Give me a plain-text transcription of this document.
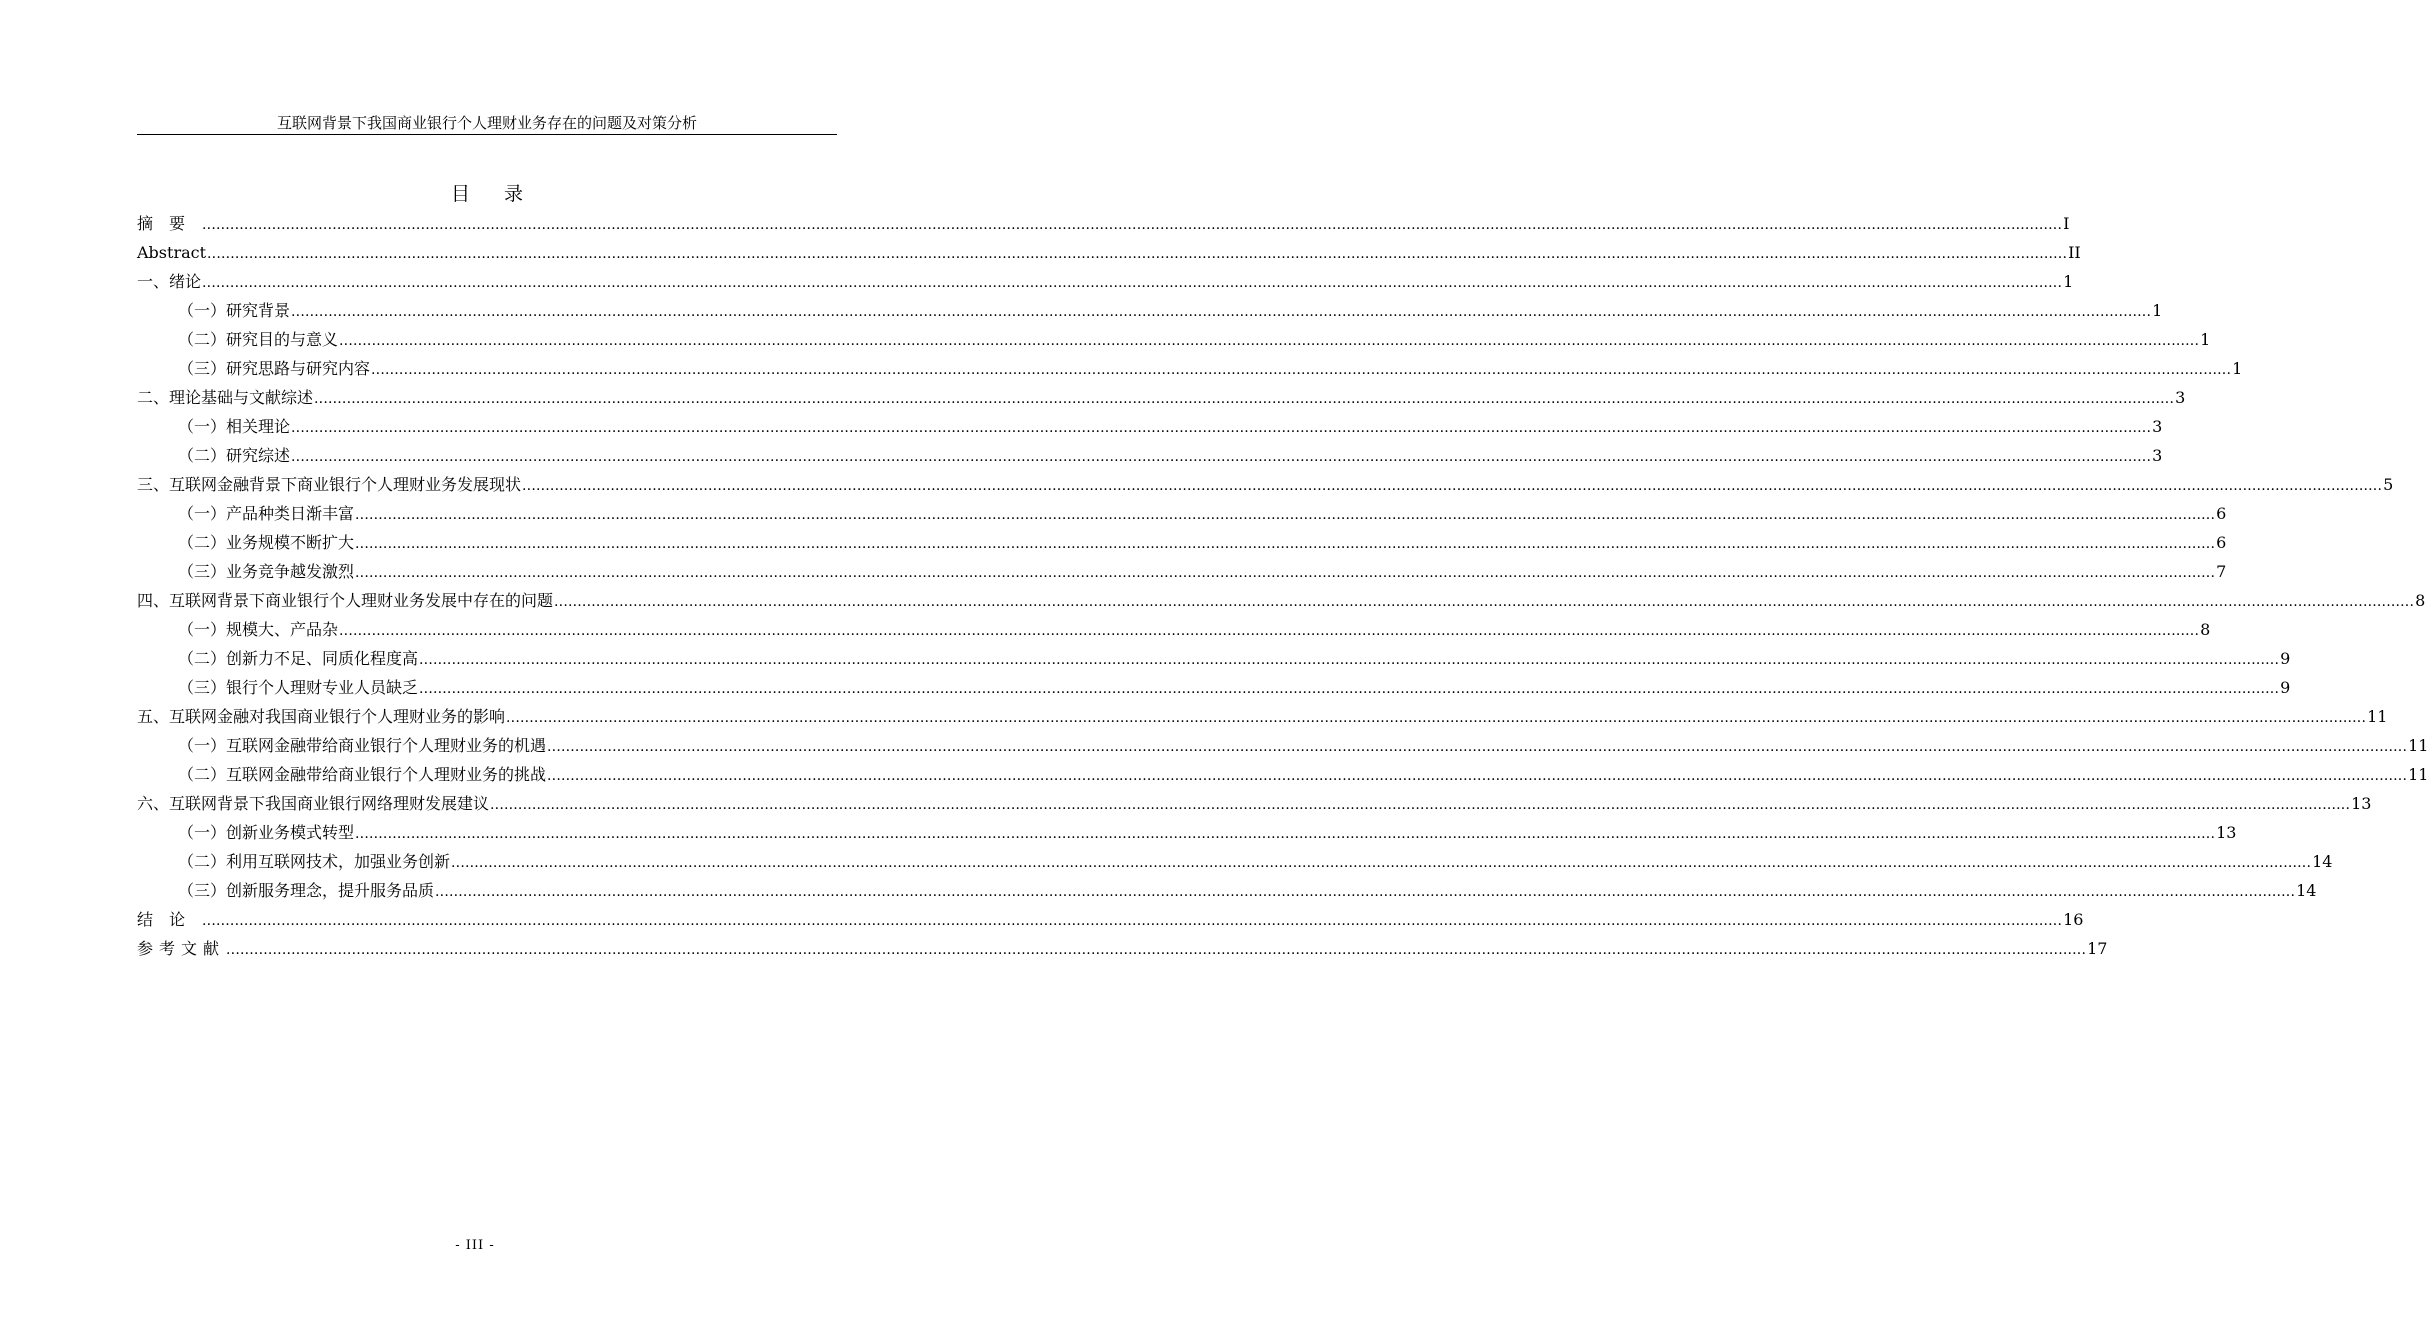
互联网背景下我国商业银行个人理财业务存在的问题及对策分析
目录
摘要 ................................................................................................................................................................................................................................................................................................................................................................................................................ I
Abstract ................................................................................................................................................................................................................................................................................................................................................................................................................ II
一、绪论 ................................................................................................................................................................................................................................................................................................................................................................................................................ 1
（一）研究背景 ................................................................................................................................................................................................................................................................................................................................................................................................................ 1
（二）研究目的与意义 ................................................................................................................................................................................................................................................................................................................................................................................................................ 1
（三）研究思路与研究内容 ................................................................................................................................................................................................................................................................................................................................................................................................................ 1
二、理论基础与文献综述 ................................................................................................................................................................................................................................................................................................................................................................................................................ 3
（一）相关理论 ................................................................................................................................................................................................................................................................................................................................................................................................................ 3
（二）研究综述 ................................................................................................................................................................................................................................................................................................................................................................................................................ 3
三、互联网金融背景下商业银行个人理财业务发展现状 ................................................................................................................................................................................................................................................................................................................................................................................................................ 5
（一）产品种类日渐丰富 ................................................................................................................................................................................................................................................................................................................................................................................................................ 6
（二）业务规模不断扩大 ................................................................................................................................................................................................................................................................................................................................................................................................................ 6
（三）业务竞争越发激烈 ................................................................................................................................................................................................................................................................................................................................................................................................................ 7
四、互联网背景下商业银行个人理财业务发展中存在的问题 ................................................................................................................................................................................................................................................................................................................................................................................................................ 8
（一）规模大、产品杂 ................................................................................................................................................................................................................................................................................................................................................................................................................ 8
（二）创新力不足、同质化程度高 ................................................................................................................................................................................................................................................................................................................................................................................................................ 9
（三）银行个人理财专业人员缺乏 ................................................................................................................................................................................................................................................................................................................................................................................................................ 9
五、互联网金融对我国商业银行个人理财业务的影响 ................................................................................................................................................................................................................................................................................................................................................................................................................ 11
（一）互联网金融带给商业银行个人理财业务的机遇 ................................................................................................................................................................................................................................................................................................................................................................................................................ 11
（二）互联网金融带给商业银行个人理财业务的挑战 ................................................................................................................................................................................................................................................................................................................................................................................................................ 11
六、互联网背景下我国商业银行网络理财发展建议 ................................................................................................................................................................................................................................................................................................................................................................................................................ 13
（一）创新业务模式转型 ................................................................................................................................................................................................................................................................................................................................................................................................................ 13
（二）利用互联网技术，加强业务创新 ................................................................................................................................................................................................................................................................................................................................................................................................................ 14
（三）创新服务理念，提升服务品质 ................................................................................................................................................................................................................................................................................................................................................................................................................ 14
结论 ................................................................................................................................................................................................................................................................................................................................................................................................................ 16
参考文献 ................................................................................................................................................................................................................................................................................................................................................................................................................ 17
- III -
